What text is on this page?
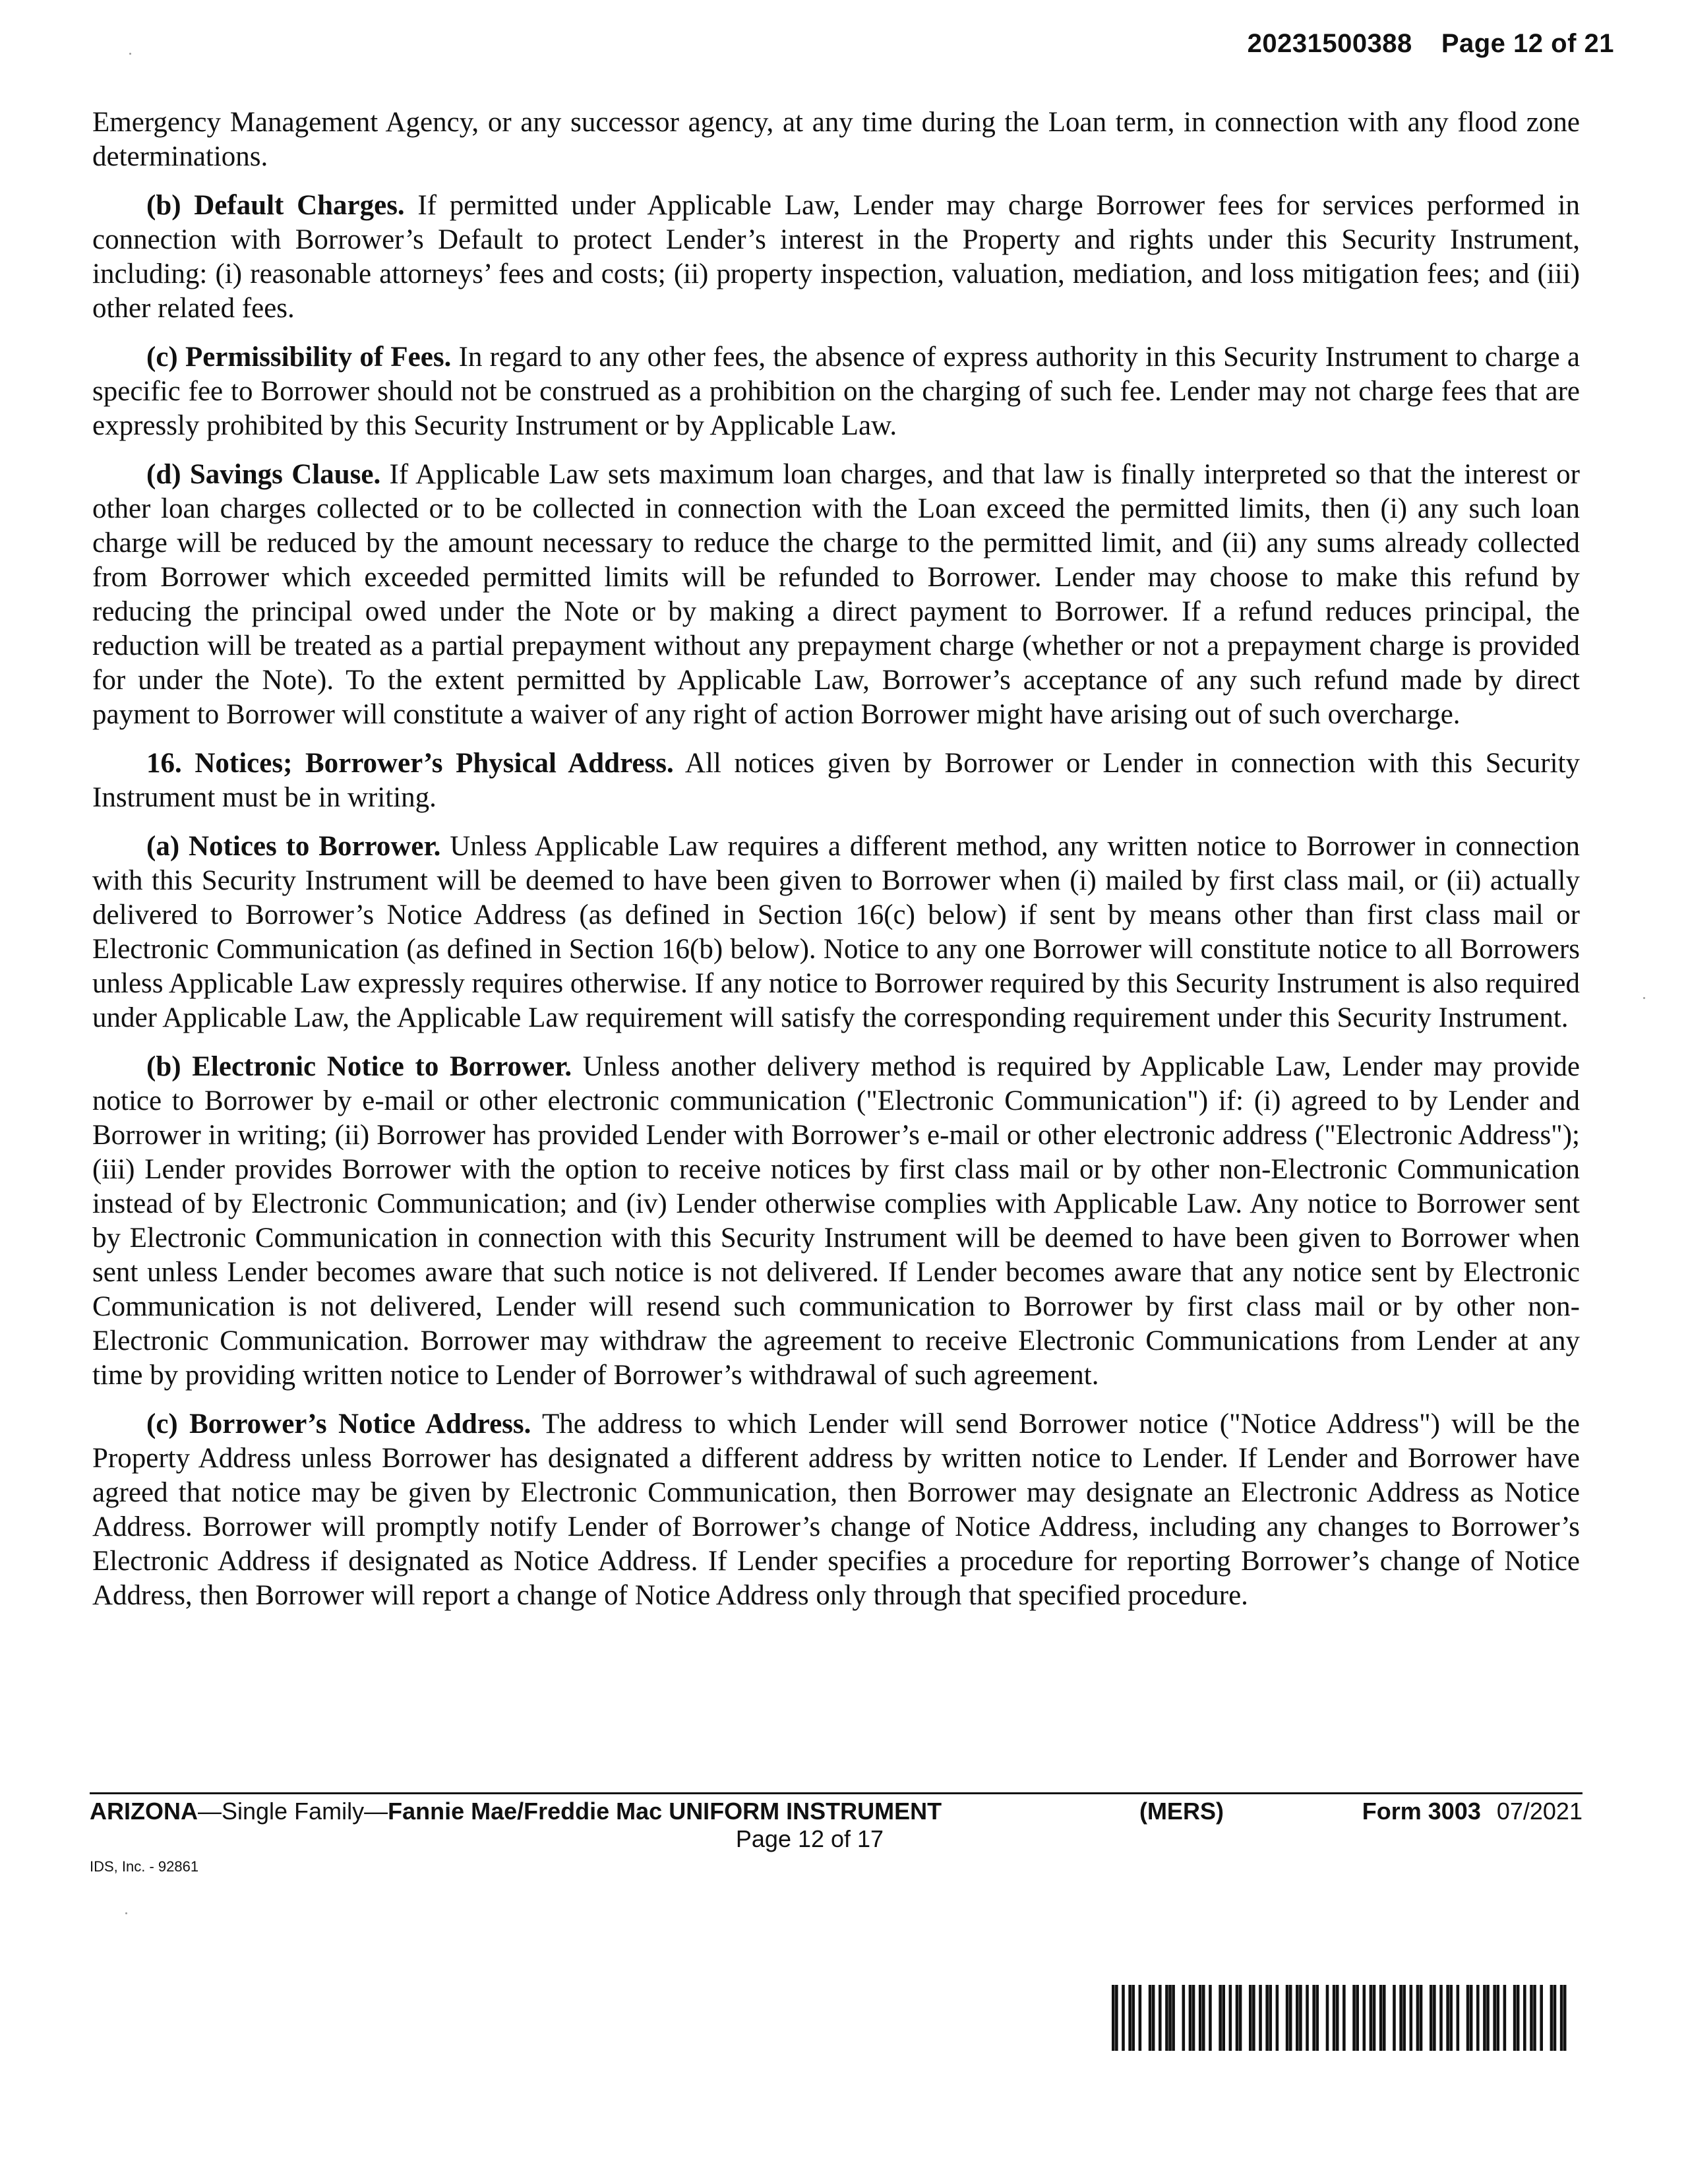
20231500388 Page 12 of 21

Emergency Management Agency, or any successor agency, at any time during the Loan term, in connection with any flood zone determinations.

(b) Default Charges. If permitted under Applicable Law, Lender may charge Borrower fees for services performed in connection with Borrower’s Default to protect Lender’s interest in the Property and rights under this Security Instrument, including: (i) reasonable attorneys’ fees and costs; (ii) property inspection, valuation, mediation, and loss mitigation fees; and (iii) other related fees.

(c) Permissibility of Fees. In regard to any other fees, the absence of express authority in this Security Instrument to charge a specific fee to Borrower should not be construed as a prohibition on the charging of such fee. Lender may not charge fees that are expressly prohibited by this Security Instrument or by Applicable Law.

(d) Savings Clause. If Applicable Law sets maximum loan charges, and that law is finally interpreted so that the interest or other loan charges collected or to be collected in connection with the Loan exceed the permitted limits, then (i) any such loan charge will be reduced by the amount necessary to reduce the charge to the permitted limit, and (ii) any sums already collected from Borrower which exceeded permitted limits will be refunded to Borrower. Lender may choose to make this refund by reducing the principal owed under the Note or by making a direct payment to Borrower. If a refund reduces principal, the reduction will be treated as a partial prepayment without any prepayment charge (whether or not a prepayment charge is provided for under the Note). To the extent permitted by Applicable Law, Borrower’s acceptance of any such refund made by direct payment to Borrower will constitute a waiver of any right of action Borrower might have arising out of such overcharge.

16. Notices; Borrower’s Physical Address. All notices given by Borrower or Lender in connection with this Security Instrument must be in writing.

(a) Notices to Borrower. Unless Applicable Law requires a different method, any written notice to Borrower in connection with this Security Instrument will be deemed to have been given to Borrower when (i) mailed by first class mail, or (ii) actually delivered to Borrower’s Notice Address (as defined in Section 16(c) below) if sent by means other than first class mail or Electronic Communication (as defined in Section 16(b) below). Notice to any one Borrower will constitute notice to all Borrowers unless Applicable Law expressly requires otherwise. If any notice to Borrower required by this Security Instrument is also required under Applicable Law, the Applicable Law requirement will satisfy the corresponding requirement under this Security Instrument.

(b) Electronic Notice to Borrower. Unless another delivery method is required by Applicable Law, Lender may provide notice to Borrower by e-mail or other electronic communication ("Electronic Communication") if: (i) agreed to by Lender and Borrower in writing; (ii) Borrower has provided Lender with Borrower’s e-mail or other electronic address ("Electronic Address"); (iii) Lender provides Borrower with the option to receive notices by first class mail or by other non-Electronic Communication instead of by Electronic Communication; and (iv) Lender otherwise complies with Applicable Law. Any notice to Borrower sent by Electronic Communication in connection with this Security Instrument will be deemed to have been given to Borrower when sent unless Lender becomes aware that such notice is not delivered. If Lender becomes aware that any notice sent by Electronic Communication is not delivered, Lender will resend such communication to Borrower by first class mail or by other non-Electronic Communication. Borrower may withdraw the agreement to receive Electronic Communications from Lender at any time by providing written notice to Lender of Borrower’s withdrawal of such agreement.

(c) Borrower’s Notice Address. The address to which Lender will send Borrower notice ("Notice Address") will be the Property Address unless Borrower has designated a different address by written notice to Lender. If Lender and Borrower have agreed that notice may be given by Electronic Communication, then Borrower may designate an Electronic Address as Notice Address. Borrower will promptly notify Lender of Borrower’s change of Notice Address, including any changes to Borrower’s Electronic Address if designated as Notice Address. If Lender specifies a procedure for reporting Borrower’s change of Notice Address, then Borrower will report a change of Notice Address only through that specified procedure.

ARIZONA—Single Family—Fannie Mae/Freddie Mac UNIFORM INSTRUMENT	(MERS)	Form 3003 07/2021
Page 12 of 17
IDS, Inc. - 92861
